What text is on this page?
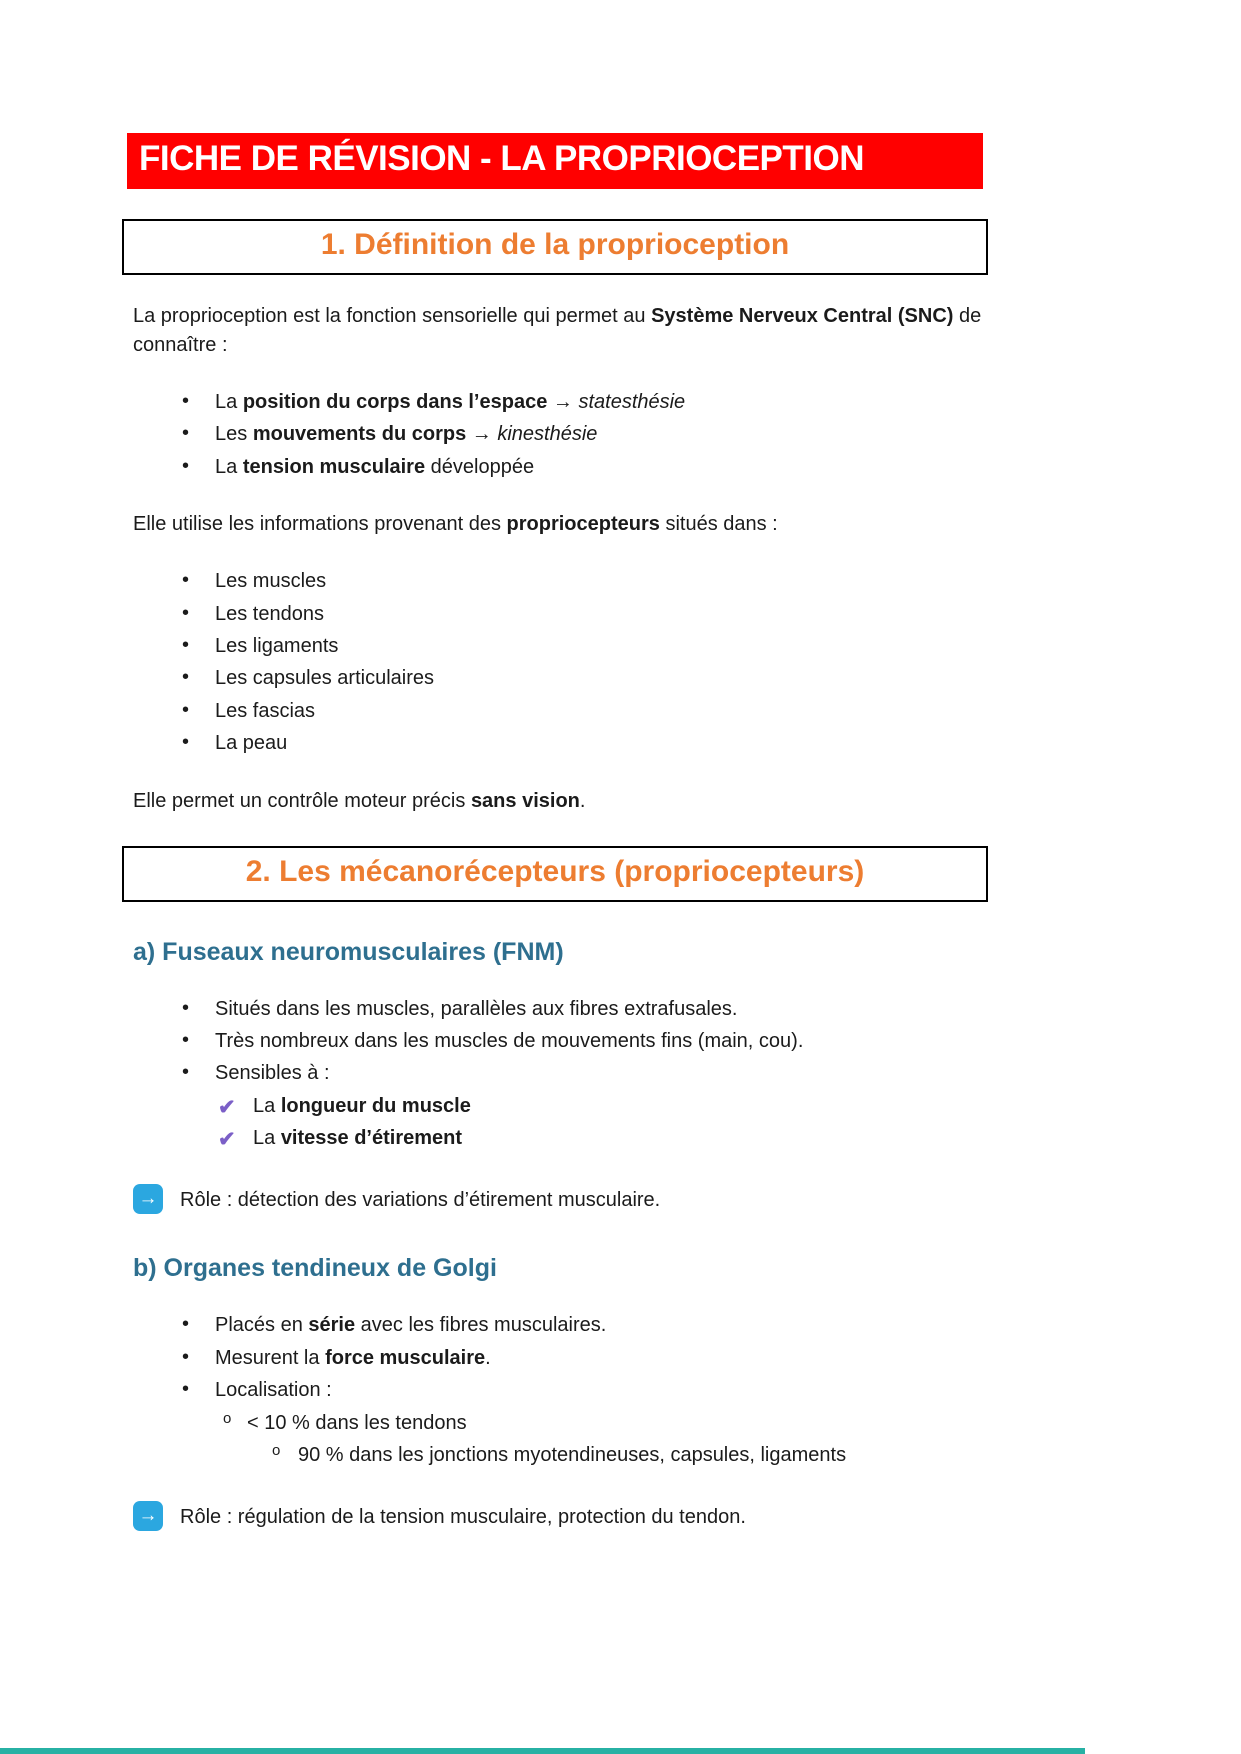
FICHE DE RÉVISION - LA PROPRIOCEPTION
1. Définition de la proprioception

La proprioception est la fonction sensorielle qui permet au Système Nerveux Central (SNC) de connaître :

• La position du corps dans l’espace → statesthésie
• Les mouvements du corps → kinesthésie
• La tension musculaire développée

Elle utilise les informations provenant des propriocepteurs situés dans :

• Les muscles
• Les tendons
• Les ligaments
• Les capsules articulaires
• Les fascias
• La peau

Elle permet un contrôle moteur précis sans vision.

2. Les mécanorécepteurs (propriocepteurs)
a) Fuseaux neuromusculaires (FNM)
• Situés dans les muscles, parallèles aux fibres extrafusales.
• Très nombreux dans les muscles de mouvements fins (main, cou).
• Sensibles à :
✔ La longueur du muscle
✔ La vitesse d’étirement
→ Rôle : détection des variations d’étirement musculaire.
b) Organes tendineux de Golgi
• Placés en série avec les fibres musculaires.
• Mesurent la force musculaire.
• Localisation :
o < 10 % dans les tendons
o 90 % dans les jonctions myotendineuses, capsules, ligaments
→ Rôle : régulation de la tension musculaire, protection du tendon.
